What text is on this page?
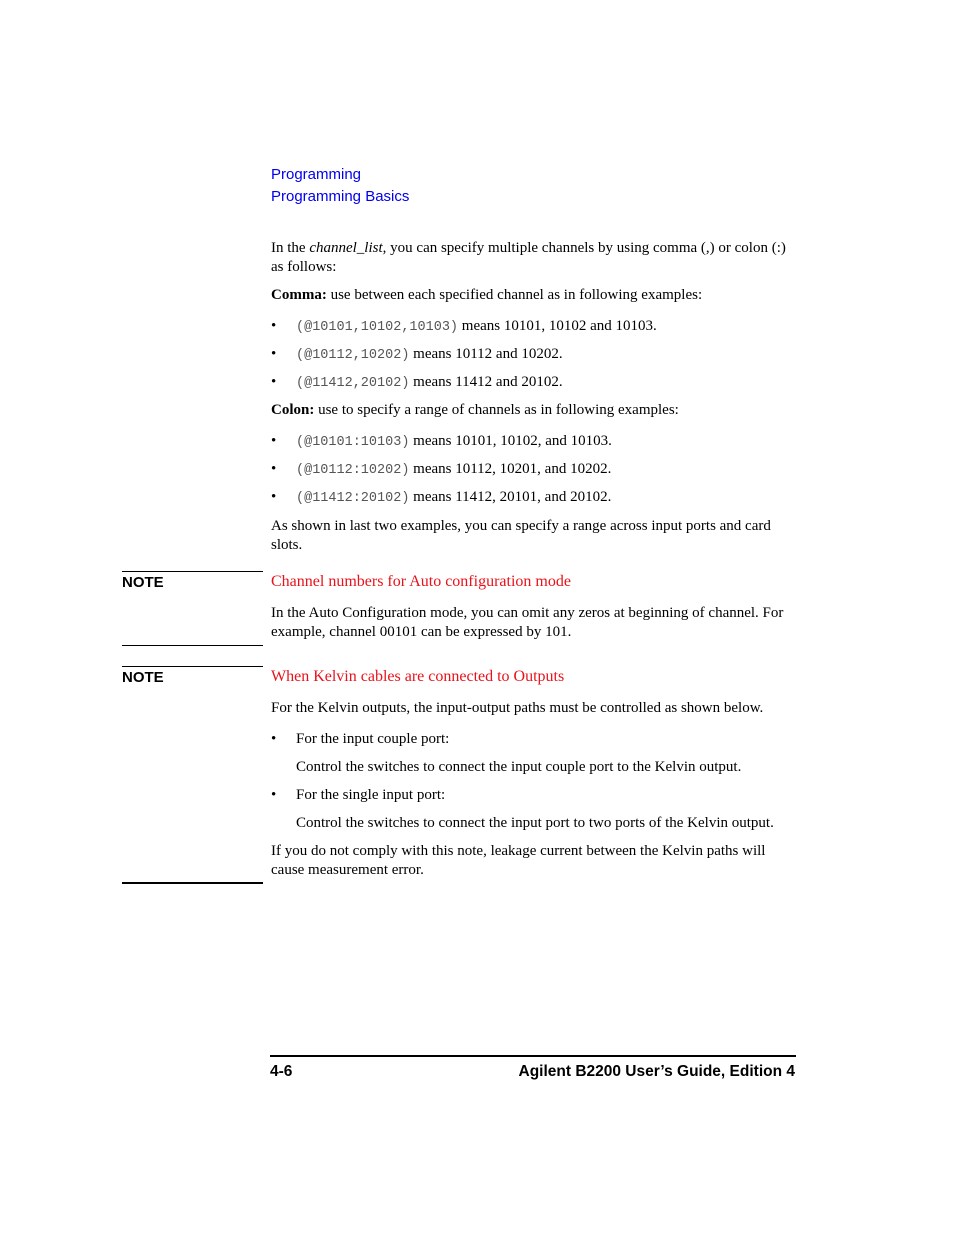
Programming
Programming Basics
In the channel_list, you can specify multiple channels by using comma (,) or colon (:) as follows:
Comma: use between each specified channel as in following examples:
• (@10101,10102,10103) means 10101, 10102 and 10103.
• (@10112,10202) means 10112 and 10202.
• (@11412,20102) means 11412 and 20102.
Colon: use to specify a range of channels as in following examples:
• (@10101:10103) means 10101, 10102, and 10103.
• (@10112:10202) means 10112, 10201, and 10202.
• (@11412:20102) means 11412, 20101, and 20102.
As shown in last two examples, you can specify a range across input ports and card slots.
NOTE	Channel numbers for Auto configuration mode
In the Auto Configuration mode, you can omit any zeros at beginning of channel. For example, channel 00101 can be expressed by 101.
NOTE	When Kelvin cables are connected to Outputs
For the Kelvin outputs, the input-output paths must be controlled as shown below.
• For the input couple port:
Control the switches to connect the input couple port to the Kelvin output.
• For the single input port:
Control the switches to connect the input port to two ports of the Kelvin output.
If you do not comply with this note, leakage current between the Kelvin paths will cause measurement error.
4-6	Agilent B2200 User’s Guide, Edition 4
